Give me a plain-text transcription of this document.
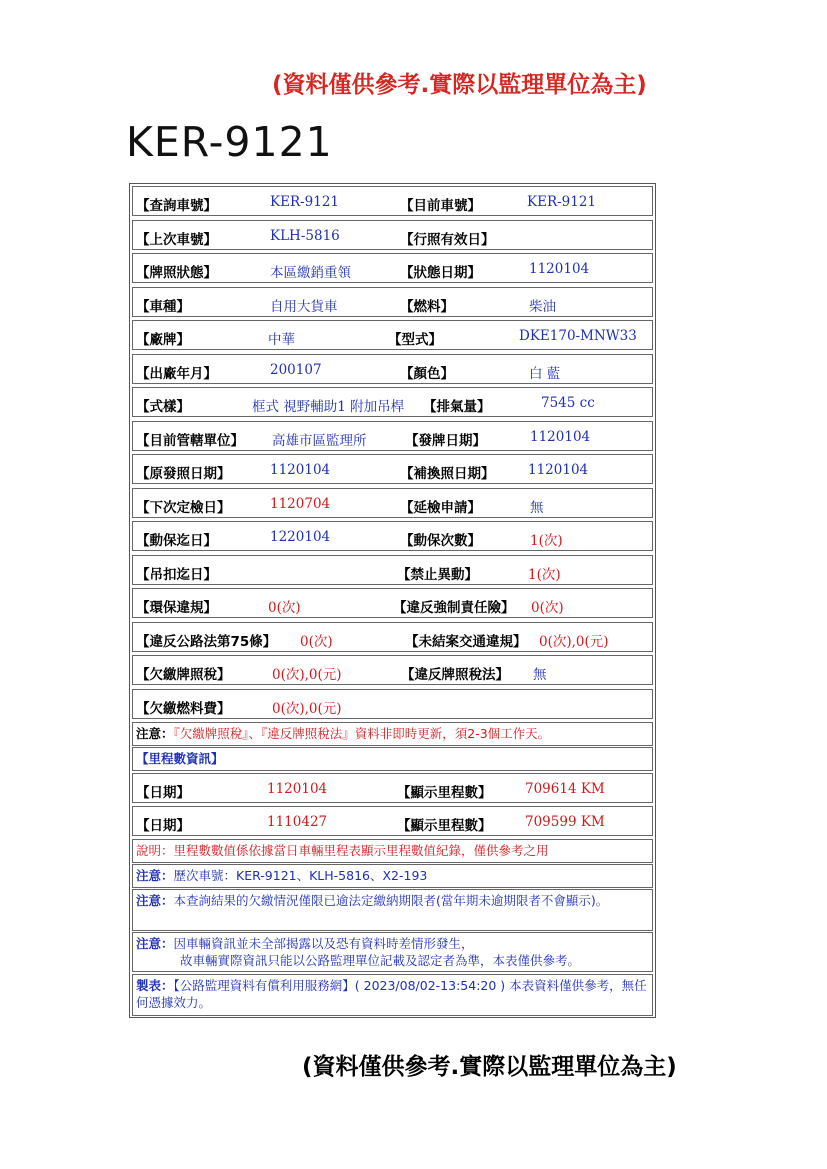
(資料僅供參考.實際以監理單位為主)
KER-9121
【查詢車號】	KER-9121	【目前車號】	KER-9121
【上次車號】	KLH-5816	【行照有效日】
【牌照狀態】	本區繳銷重領	【狀態日期】	1120104
【車種】	自用大貨車	【燃料】	柴油
【廠牌】	中華	【型式】	DKE170-MNW33
【出廠年月】	200107	【顏色】	白 藍
【式樣】	框式 視野輔助1 附加吊桿 【排氣量】	7545 cc
【目前管轄單位】 高雄市區監理所	【發牌日期】	1120104
【原發照日期】	1120104	【補換照日期】 1120104
【下次定檢日】	1120704	【延檢申請】	無
【動保迄日】	1220104	【動保次數】	1(次)
【吊扣迄日】	【禁止異動】	1(次)
【環保違規】	0(次)	【違反強制責任險】 0(次)
【違反公路法第75條】 0(次)	【未結案交通違規】 0(次),0(元)
【欠繳牌照稅】	0(次),0(元)	【違反牌照稅法】 無
【欠繳燃料費】	0(次),0(元)
注意：『欠繳牌照稅』、『違反牌照稅法』資料非即時更新，須2-3個工作天。
【里程數資訊】
【日期】	1120104	【顯示里程數】 709614 KM
【日期】	1110427	【顯示里程數】 709599 KM
說明：里程數數值係依據當日車輛里程表顯示里程數值紀錄，僅供參考之用
注意：歷次車號：KER-9121、KLH-5816、X2-193
注意：本查詢結果的欠繳情況僅限已逾法定繳納期限者(當年期未逾期限者不會顯示)。
注意：因車輛資訊並未全部揭露以及恐有資料時差情形發生，
故車輛實際資訊只能以公路監理單位記載及認定者為準，本表僅供參考。
製表：【公路監理資料有償利用服務網】( 2023/08/02-13:54:20 ) 本表資料僅供參考，無任何憑據效力。
(資料僅供參考.實際以監理單位為主)
